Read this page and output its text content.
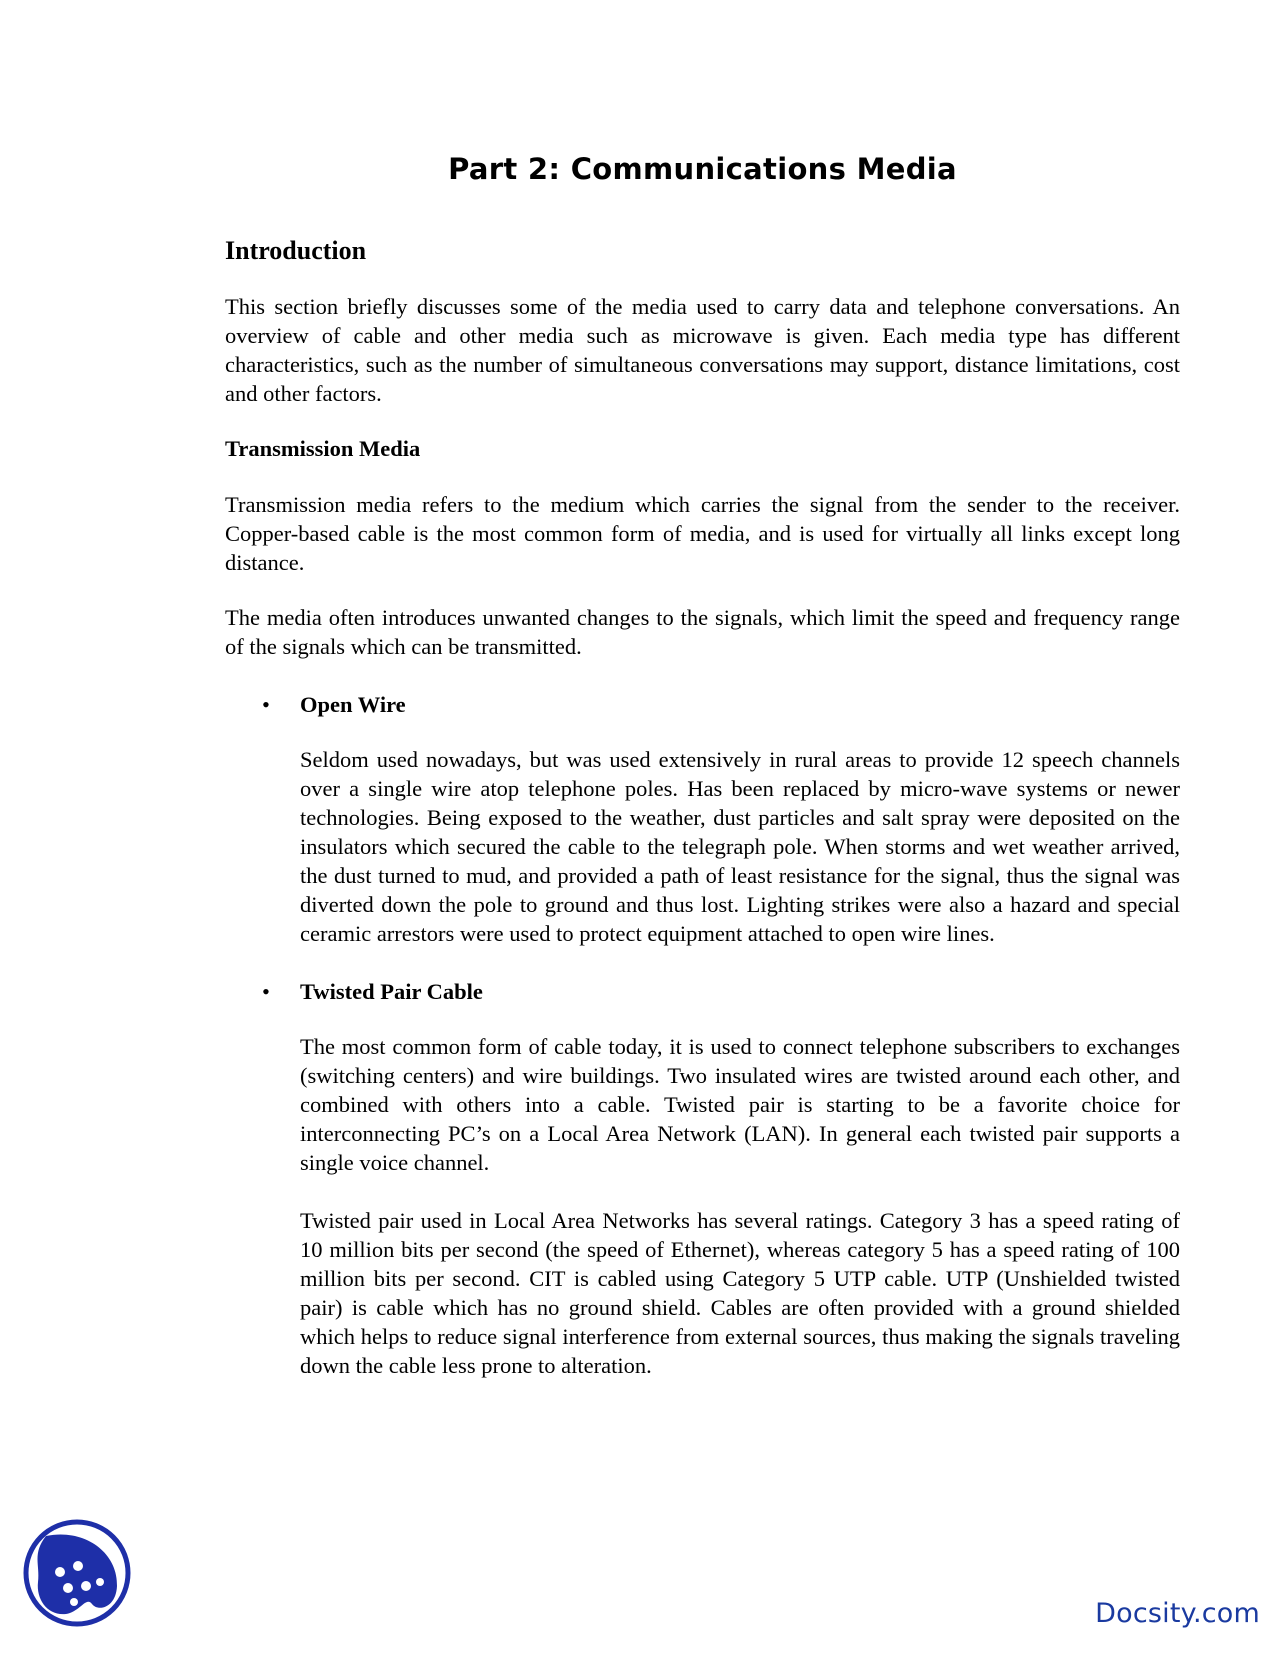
Part 2: Communications Media
Introduction

This section briefly discusses some of the media used to carry data and telephone conversations. An overview of cable and other media such as microwave is given. Each media type has different characteristics, such as the number of simultaneous conversations may support, distance limitations, cost and other factors.

Transmission Media

Transmission media refers to the medium which carries the signal from the sender to the receiver. Copper-based cable is the most common form of media, and is used for virtually all links except long distance.

The media often introduces unwanted changes to the signals, which limit the speed and frequency range of the signals which can be transmitted.

• Open Wire

Seldom used nowadays, but was used extensively in rural areas to provide 12 speech channels over a single wire atop telephone poles. Has been replaced by micro-wave systems or newer technologies. Being exposed to the weather, dust particles and salt spray were deposited on the insulators which secured the cable to the telegraph pole. When storms and wet weather arrived, the dust turned to mud, and provided a path of least resistance for the signal, thus the signal was diverted down the pole to ground and thus lost. Lighting strikes were also a hazard and special ceramic arrestors were used to protect equipment attached to open wire lines.

• Twisted Pair Cable

The most common form of cable today, it is used to connect telephone subscribers to exchanges (switching centers) and wire buildings. Two insulated wires are twisted around each other, and combined with others into a cable. Twisted pair is starting to be a favorite choice for interconnecting PC’s on a Local Area Network (LAN). In general each twisted pair supports a single voice channel.

Twisted pair used in Local Area Networks has several ratings. Category 3 has a speed rating of 10 million bits per second (the speed of Ethernet), whereas category 5 has a speed rating of 100 million bits per second. CIT is cabled using Category 5 UTP cable. UTP (Unshielded twisted pair) is cable which has no ground shield. Cables are often provided with a ground shielded which helps to reduce signal interference from external sources, thus making the signals traveling down the cable less prone to alteration.

Docsity.com
